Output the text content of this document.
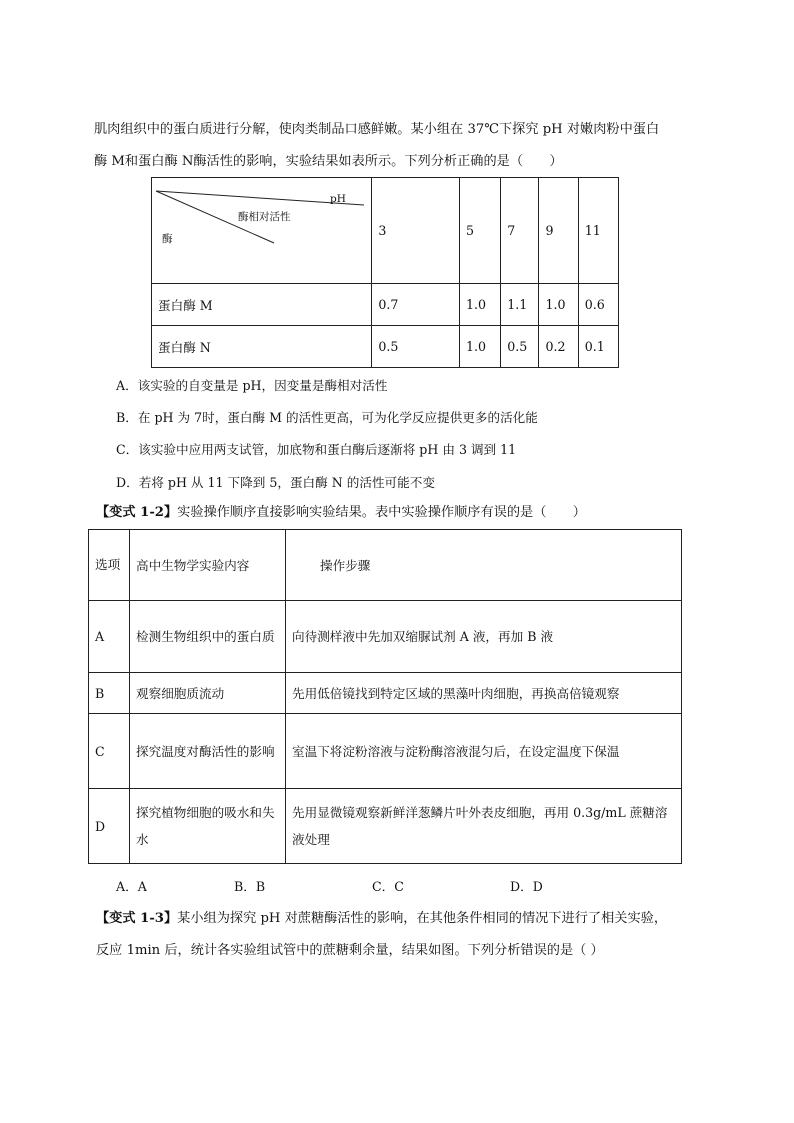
肌肉组织中的蛋白质进行分解，使肉类制品口感鲜嫩。某小组在 37℃下探究 pH 对嫩肉粉中蛋白
酶 M和蛋白酶 N酶活性的影响，实验结果如表所示。下列分析正确的是（　　）
pH
酶相对活性
酶	3	5	7	9	11
蛋白酶 M	0.7	1.0	1.1	1.0	0.6
蛋白酶 N	0.5	1.0	0.5	0.2	0.1
A．该实验的自变量是 pH，因变量是酶相对活性
B．在 pH 为 7时，蛋白酶 M 的活性更高，可为化学反应提供更多的活化能
C．该实验中应用两支试管，加底物和蛋白酶后逐渐将 pH 由 3 调到 11
D．若将 pH 从 11 下降到 5，蛋白酶 N 的活性可能不变
【变式 1-2】实验操作顺序直接影响实验结果。表中实验操作顺序有误的是（　　）
选项	高中生物学实验内容	操作步骤
A	检测生物组织中的蛋白质	向待测样液中先加双缩脲试剂 A 液，再加 B 液
B	观察细胞质流动	先用低倍镜找到特定区域的黑藻叶肉细胞，再换高倍镜观察
C	探究温度对酶活性的影响	室温下将淀粉溶液与淀粉酶溶液混匀后，在设定温度下保温
D	探究植物细胞的吸水和失水	先用显微镜观察新鲜洋葱鳞片叶外表皮细胞，再用 0.3g/mL 蔗糖溶液处理
A．A	B．B	C．C	D．D
【变式 1-3】某小组为探究 pH 对蔗糖酶活性的影响，在其他条件相同的情况下进行了相关实验，
反应 1min 后，统计各实验组试管中的蔗糖剩余量，结果如图。下列分析错误的是（ ）
